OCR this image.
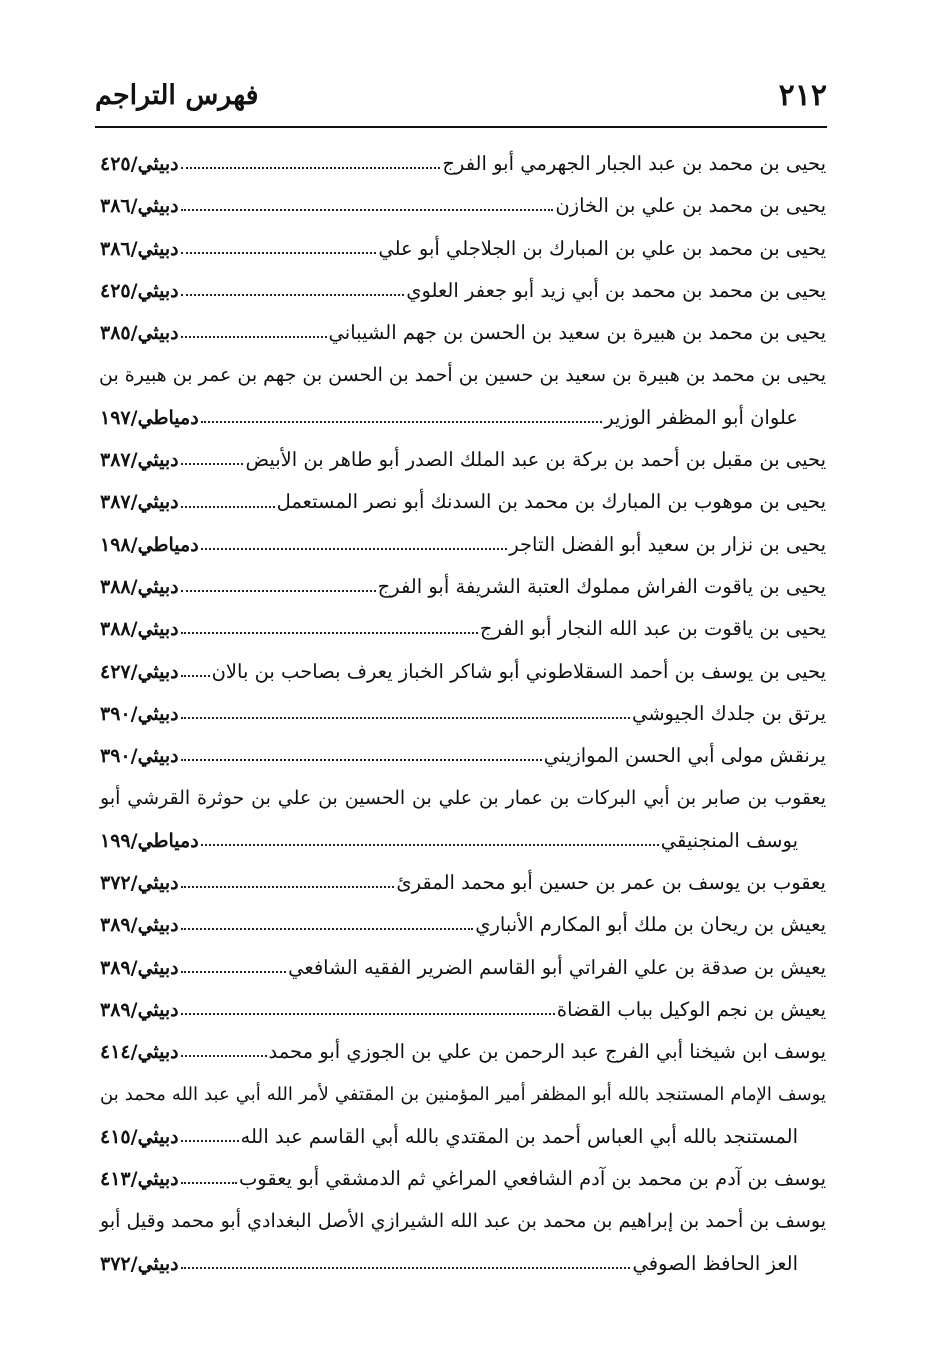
٢١٢
فهرس التراجم
يحيى بن محمد بن عبد الجبار الجهرمي أبو الفرج
دبيثي/٤٢٥
يحيى بن محمد بن علي بن الخازن
دبيثي/٣٨٦
يحيى بن محمد بن علي بن المبارك بن الجلاجلي أبو علي
دبيثي/٣٨٦
يحيى بن محمد بن محمد بن أبي زيد أبو جعفر العلوي
دبيثي/٤٢٥
يحيى بن محمد بن هبيرة بن سعيد بن الحسن بن جهم الشيباني
دبيثي/٣٨٥
يحيى بن محمد بن هبيرة بن سعيد بن حسين بن أحمد بن الحسن بن جهم بن عمر بن هبيرة بن
علوان أبو المظفر الوزير
دمياطي/١٩٧
يحيى بن مقبل بن أحمد بن بركة بن عبد الملك الصدر أبو طاهر بن الأبيض
دبيثي/٣٨٧
يحيى بن موهوب بن المبارك بن محمد بن السدنك أبو نصر المستعمل
دبيثي/٣٨٧
يحيى بن نزار بن سعيد أبو الفضل التاجر
دمياطي/١٩٨
يحيى بن ياقوت الفراش مملوك العتبة الشريفة أبو الفرج
دبيثي/٣٨٨
يحيى بن ياقوت بن عبد الله النجار أبو الفرج
دبيثي/٣٨٨
يحيى بن يوسف بن أحمد السقلاطوني أبو شاكر الخباز يعرف بصاحب بن بالان
دبيثي/٤٢٧
يرتق بن جلدك الجيوشي
دبيثي/٣٩٠
يرنقش مولى أبي الحسن الموازيني
دبيثي/٣٩٠
يعقوب بن صابر بن أبي البركات بن عمار بن علي بن الحسين بن علي بن حوثرة القرشي أبو
يوسف المنجنيقي
دمياطي/١٩٩
يعقوب بن يوسف بن عمر بن حسين أبو محمد المقرئ
دبيثي/٣٧٢
يعيش بن ريحان بن ملك أبو المكارم الأنباري
دبيثي/٣٨٩
يعيش بن صدقة بن علي الفراتي أبو القاسم الضرير الفقيه الشافعي
دبيثي/٣٨٩
يعيش بن نجم الوكيل بباب القضاة
دبيثي/٣٨٩
يوسف ابن شيخنا أبي الفرج عبد الرحمن بن علي بن الجوزي أبو محمد
دبيثي/٤١٤
يوسف الإمام المستنجد بالله أبو المظفر أمير المؤمنين بن المقتفي لأمر الله أبي عبد الله محمد بن
المستنجد بالله أبي العباس أحمد بن المقتدي بالله أبي القاسم عبد الله
دبيثي/٤١٥
يوسف بن آدم بن محمد بن آدم الشافعي المراغي ثم الدمشقي أبو يعقوب
دبيثي/٤١٣
يوسف بن أحمد بن إبراهيم بن محمد بن عبد الله الشيرازي الأصل البغدادي أبو محمد وقيل أبو
العز الحافظ الصوفي
دبيثي/٣٧٢
